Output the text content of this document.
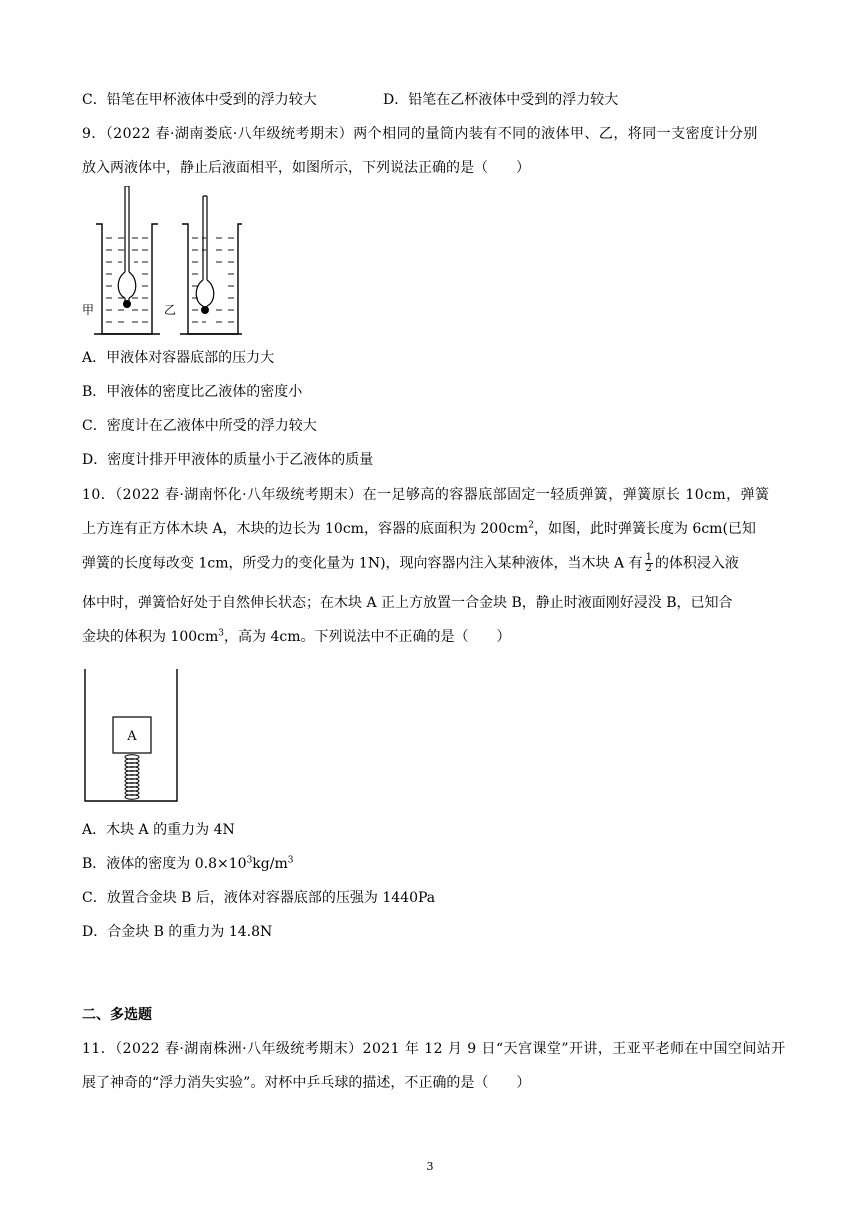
C．铅笔在甲杯液体中受到的浮力较大	D．铅笔在乙杯液体中受到的浮力较大
9．（2022 春·湖南娄底·八年级统考期末）两个相同的量筒内装有不同的液体甲、乙，将同一支密度计分别
放入两液体中，静止后液面相平，如图所示，下列说法正确的是（　　）
甲	乙
A．甲液体对容器底部的压力大
B．甲液体的密度比乙液体的密度小
C．密度计在乙液体中所受的浮力较大
D．密度计排开甲液体的质量小于乙液体的质量
10．（2022 春·湖南怀化·八年级统考期末）在一足够高的容器底部固定一轻质弹簧，弹簧原长 10cm，弹簧
上方连有正方体木块 A，木块的边长为 10cm，容器的底面积为 $200cm^2$，如图，此时弹簧长度为 6cm(已知
弹簧的长度每改变 1cm，所受力的变化量为 1N)，现向容器内注入某种液体，当木块 A 有 $\frac{1}{2}$ 的体积浸入液
体中时，弹簧恰好处于自然伸长状态；在木块 A 正上方放置一合金块 B，静止时液面刚好浸没 B，已知合
金块的体积为 $100cm^3$，高为 4cm。下列说法中不正确的是（　　）
A
A．木块 A 的重力为 4N
B．液体的密度为 $0.8\times 10^3kg/m^3$
C．放置合金块 B 后，液体对容器底部的压强为 1440Pa
D．合金块 B 的重力为 14.8N
二、多选题
11．（2022 春·湖南株洲·八年级统考期末）2021 年 12 月 9 日“天宫课堂”开讲，王亚平老师在中国空间站开
展了神奇的“浮力消失实验”。对杯中乒乓球的描述，不正确的是（　　）
3
